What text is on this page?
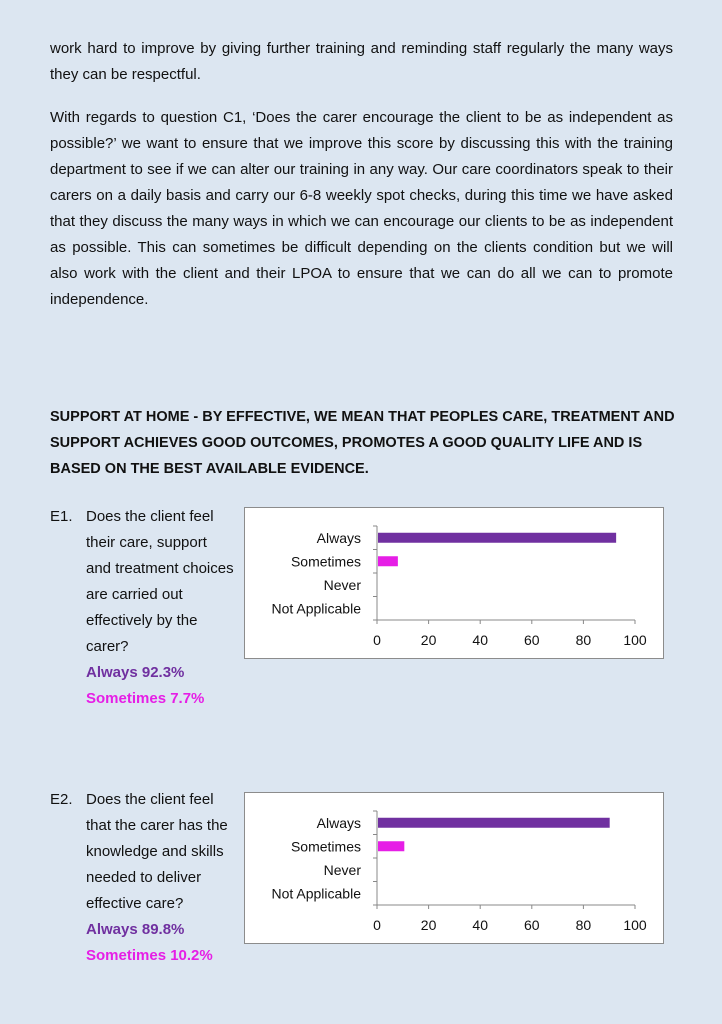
work hard to improve by giving further training and reminding staff regularly the many ways they can be respectful.

With regards to question C1, ‘Does the carer encourage the client to be as independent as possible?’ we want to ensure that we improve this score by discussing this with the training department to see if we can alter our training in any way. Our care coordinators speak to their carers on a daily basis and carry our 6-8 weekly spot checks, during this time we have asked that they discuss the many ways in which we can encourage our clients to be as independent as possible. This can sometimes be difficult depending on the clients condition but we will also work with the client and their LPOA to ensure that we can do all we can to promote independence.

SUPPORT AT HOME - BY EFFECTIVE, WE MEAN THAT PEOPLES CARE, TREATMENT AND SUPPORT ACHIEVES GOOD OUTCOMES, PROMOTES A GOOD QUALITY LIFE AND IS BASED ON THE BEST AVAILABLE EVIDENCE.

E1. Does the client feel their care, support and treatment choices are carried out effectively by the carer?
Always 92.3%
Sometimes 7.7%
Always
Sometimes
Never
Not Applicable
0	20	40	60	80 100
E2. Does the client feel that the carer has the knowledge and skills needed to deliver effective care?
Always 89.8%
Sometimes 10.2%
Always
Sometimes
Never
Not Applicable
0	20	40	60	80 100
